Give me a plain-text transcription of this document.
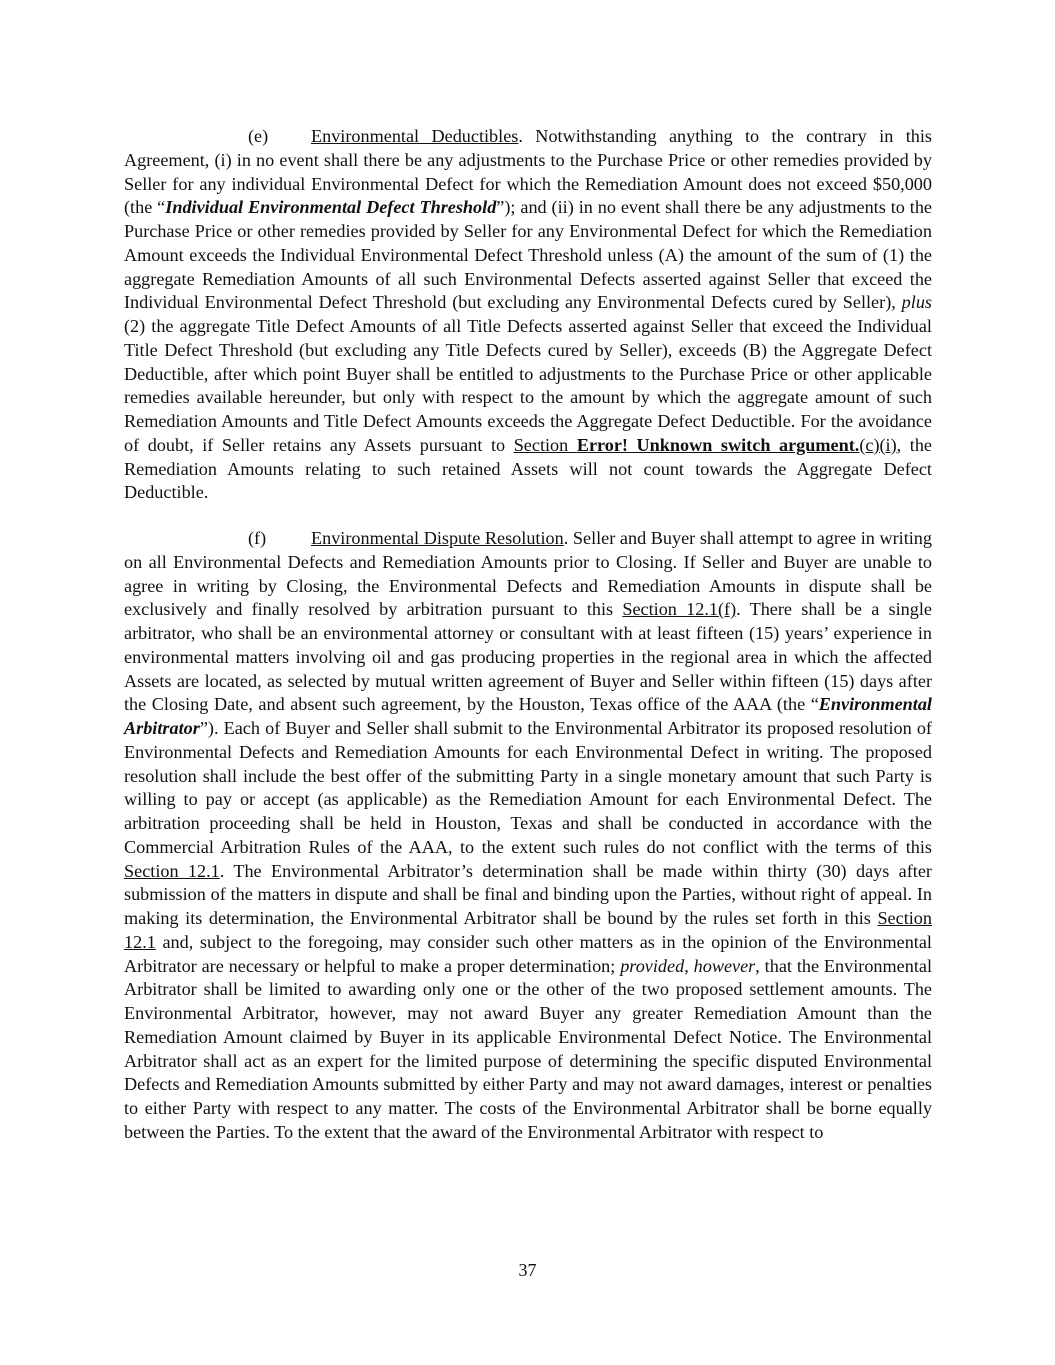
(e) Environmental Deductibles. Notwithstanding anything to the contrary in this Agreement, (i) in no event shall there be any adjustments to the Purchase Price or other remedies provided by Seller for any individual Environmental Defect for which the Remediation Amount does not exceed $50,000 (the “Individual Environmental Defect Threshold”); and (ii) in no event shall there be any adjustments to the Purchase Price or other remedies provided by Seller for any Environmental Defect for which the Remediation Amount exceeds the Individual Environmental Defect Threshold unless (A) the amount of the sum of (1) the aggregate Remediation Amounts of all such Environmental Defects asserted against Seller that exceed the Individual Environmental Defect Threshold (but excluding any Environmental Defects cured by Seller), plus (2) the aggregate Title Defect Amounts of all Title Defects asserted against Seller that exceed the Individual Title Defect Threshold (but excluding any Title Defects cured by Seller), exceeds (B) the Aggregate Defect Deductible, after which point Buyer shall be entitled to adjustments to the Purchase Price or other applicable remedies available hereunder, but only with respect to the amount by which the aggregate amount of such Remediation Amounts and Title Defect Amounts exceeds the Aggregate Defect Deductible. For the avoidance of doubt, if Seller retains any Assets pursuant to Section Error! Unknown switch argument.(c)(i), the Remediation Amounts relating to such retained Assets will not count towards the Aggregate Defect Deductible.

(f) Environmental Dispute Resolution. Seller and Buyer shall attempt to agree in writing on all Environmental Defects and Remediation Amounts prior to Closing. If Seller and Buyer are unable to agree in writing by Closing, the Environmental Defects and Remediation Amounts in dispute shall be exclusively and finally resolved by arbitration pursuant to this Section 12.1(f). There shall be a single arbitrator, who shall be an environmental attorney or consultant with at least fifteen (15) years’ experience in environmental matters involving oil and gas producing properties in the regional area in which the affected Assets are located, as selected by mutual written agreement of Buyer and Seller within fifteen (15) days after the Closing Date, and absent such agreement, by the Houston, Texas office of the AAA (the “Environmental Arbitrator”). Each of Buyer and Seller shall submit to the Environmental Arbitrator its proposed resolution of Environmental Defects and Remediation Amounts for each Environmental Defect in writing. The proposed resolution shall include the best offer of the submitting Party in a single monetary amount that such Party is willing to pay or accept (as applicable) as the Remediation Amount for each Environmental Defect. The arbitration proceeding shall be held in Houston, Texas and shall be conducted in accordance with the Commercial Arbitration Rules of the AAA, to the extent such rules do not conflict with the terms of this Section 12.1. The Environmental Arbitrator’s determination shall be made within thirty (30) days after submission of the matters in dispute and shall be final and binding upon the Parties, without right of appeal. In making its determination, the Environmental Arbitrator shall be bound by the rules set forth in this Section 12.1 and, subject to the foregoing, may consider such other matters as in the opinion of the Environmental Arbitrator are necessary or helpful to make a proper determination; provided, however, that the Environmental Arbitrator shall be limited to awarding only one or the other of the two proposed settlement amounts. The Environmental Arbitrator, however, may not award Buyer any greater Remediation Amount than the Remediation Amount claimed by Buyer in its applicable Environmental Defect Notice. The Environmental Arbitrator shall act as an expert for the limited purpose of determining the specific disputed Environmental Defects and Remediation Amounts submitted by either Party and may not award damages, interest or penalties to either Party with respect to any matter. The costs of the Environmental Arbitrator shall be borne equally between the Parties. To the extent that the award of the Environmental Arbitrator with respect to

37
